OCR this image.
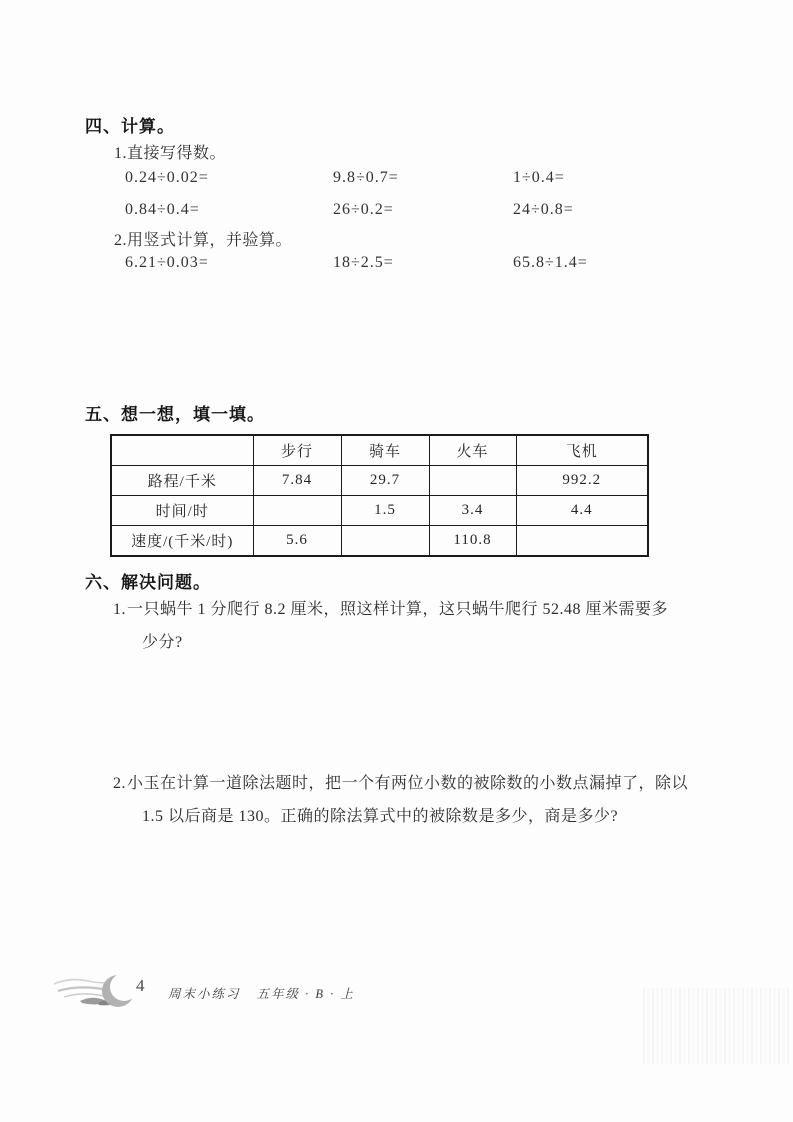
四、计算。

1.直接写得数。

0.24÷0.02=	9.8÷0.7=	1÷0.4=
0.84÷0.4=	26÷0.2=	24÷0.8=

2.用竖式计算，并验算。

6.21÷0.03=	18÷2.5=	65.8÷1.4=
五、想一想，填一填。
	步行	骑车	火车	飞机
路程/千米	7.84	29.7		992.2
时间/时		1.5	3.4	4.4
速度/(千米/时)	5.6		110.8	
六、解决问题。
1.一只蜗牛 1 分爬行 8.2 厘米，照这样计算，这只蜗牛爬行 52.48 厘米需要多
少分?
2.小玉在计算一道除法题时，把一个有两位小数的被除数的小数点漏掉了，除以
1.5 以后商是 130。正确的除法算式中的被除数是多少，商是多少?
4 周末小练习 五年级 · B · 上
